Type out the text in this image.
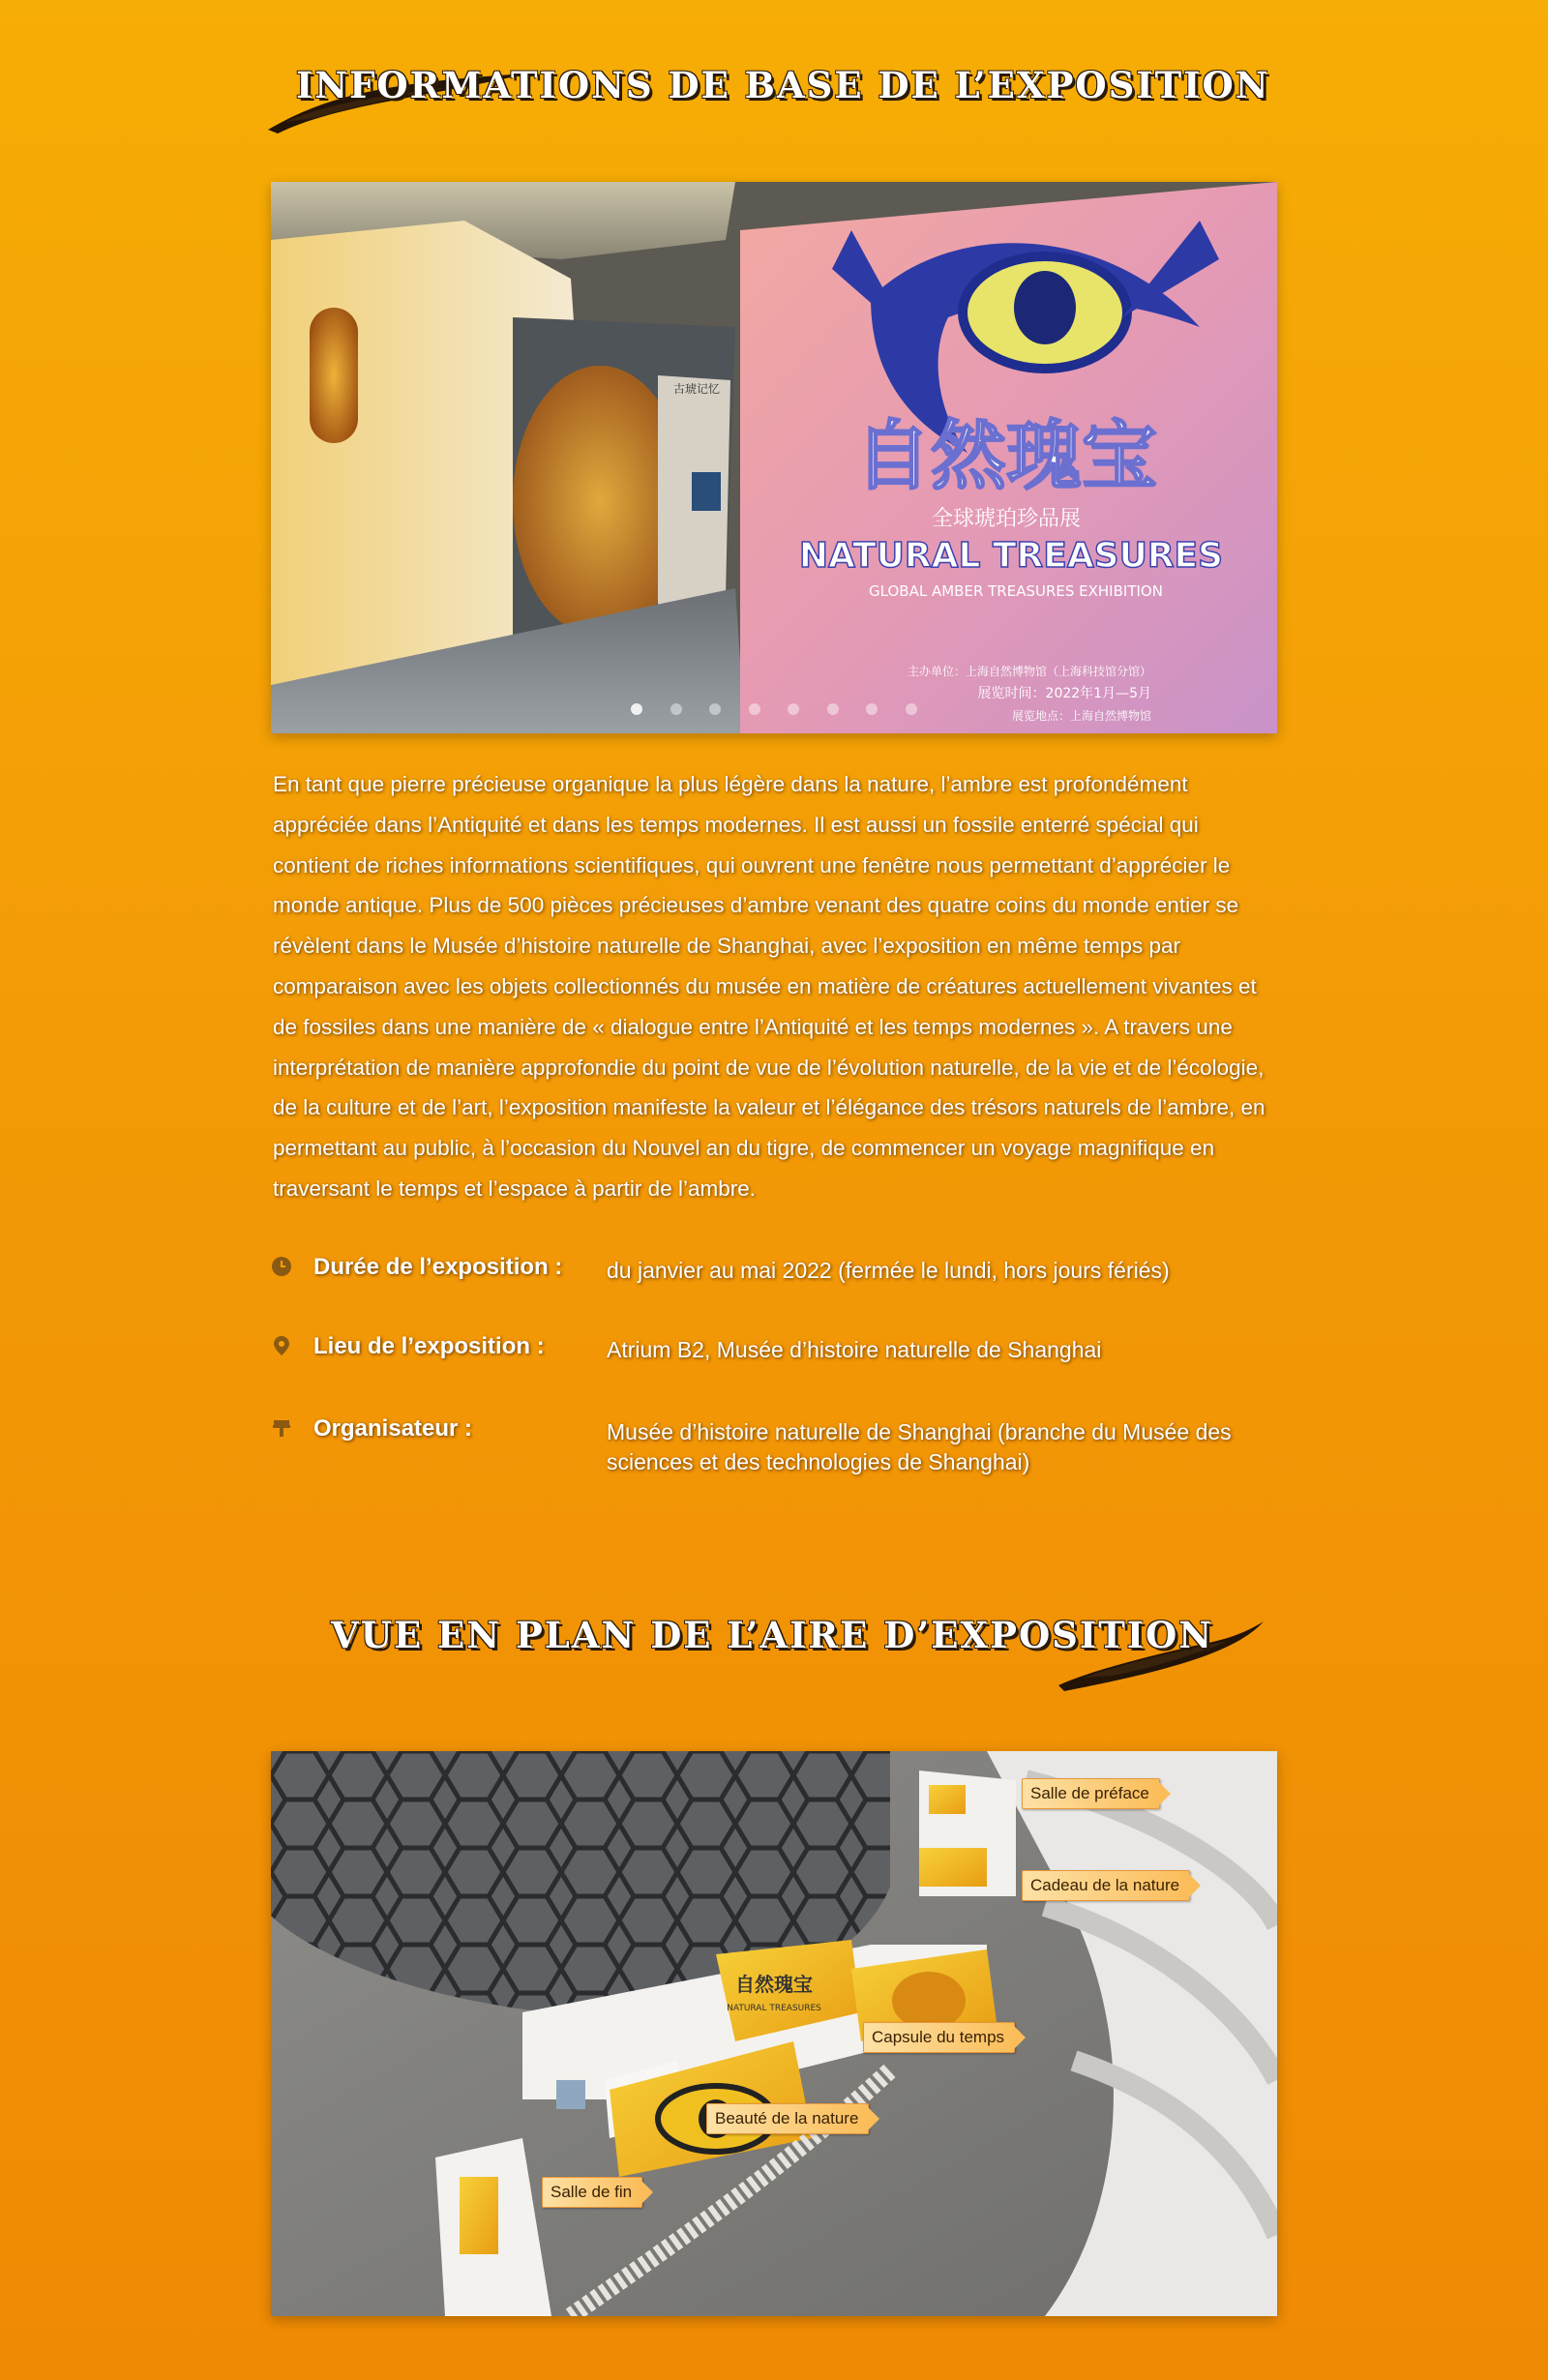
INFORMATIONS DE BASE DE L’EXPOSITION
自然瑰宝
全球琥珀珍品展
NATURAL TREASURES
GLOBAL AMBER TREASURES EXHIBITION
主办单位：上海自然博物馆（上海科技馆分馆）
展览时间：2022年1月—5月
展览地点：上海自然博物馆
古琥记忆

En tant que pierre précieuse organique la plus légère dans la nature, l’ambre est profondément appréciée dans l’Antiquité et dans les temps modernes. Il est aussi un fossile enterré spécial qui contient de riches informations scientifiques, qui ouvrent une fenêtre nous permettant d’apprécier le monde antique. Plus de 500 pièces précieuses d’ambre venant des quatre coins du monde entier se révèlent dans le Musée d’histoire naturelle de Shanghai, avec l’exposition en même temps par comparaison avec les objets collectionnés du musée en matière de créatures actuellement vivantes et de fossiles dans une manière de « dialogue entre l’Antiquité et les temps modernes ». A travers une interprétation de manière approfondie du point de vue de l’évolution naturelle, de la vie et de l’écologie, de la culture et de l’art, l’exposition manifeste la valeur et l’élégance des trésors naturels de l’ambre, en permettant au public, à l’occasion du Nouvel an du tigre, de commencer un voyage magnifique en traversant le temps et l’espace à partir de l’ambre.
Durée de l’exposition : du janvier au mai 2022 (fermée le lundi, hors jours fériés)
Lieu de l’exposition :	Atrium B2, Musée d’histoire naturelle de Shanghai
Organisateur :	Musée d’histoire naturelle de Shanghai (branche du Musée des sciences et des technologies de Shanghai)
VUE EN PLAN DE L’AIRE D’EXPOSITION
自然瑰宝
NATURAL TREASURES
Salle de préface
Cadeau de la nature
Capsule du temps
Beauté de la nature
Salle de fin
